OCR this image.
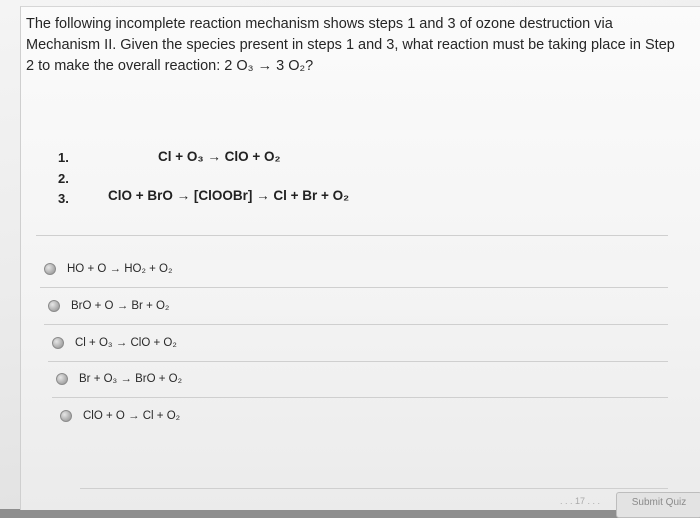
The following incomplete reaction mechanism shows steps 1 and 3 of ozone destruction via
Mechanism II. Given the species present in steps 1 and 3, what reaction must be taking place in Step
2 to make the overall reaction: 2 O₃ → 3 O₂?
1.	Cl + O₃ → ClO + O₂
2.
3.	ClO + BrO → [ClOOBr] → Cl + Br + O₂
HO + O → HO₂ + O₂
BrO + O → Br + O₂
Cl + O₃ → ClO + O₂
Br + O₃ → BrO + O₂
ClO + O → Cl + O₂
. . . 17 . . .	Submit Quiz
